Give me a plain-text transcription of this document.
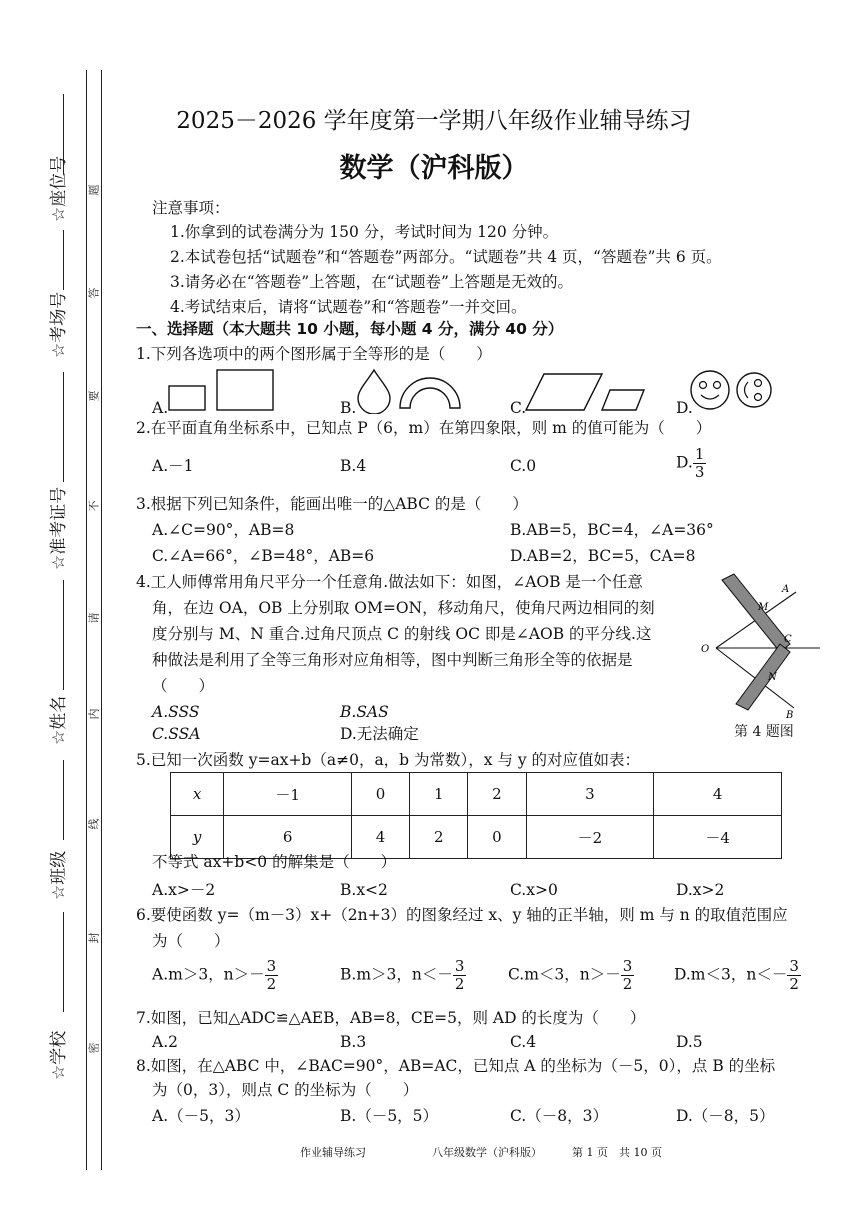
☆座位号
☆考场号
☆准考证号
☆姓名
☆班级
☆学校
题
答
要
不
请
内
线
封
密
2025－2026 学年度第一学期八年级作业辅导练习
数学（沪科版）
注意事项：
1.你拿到的试卷满分为 150 分，考试时间为 120 分钟。
2.本试卷包括“试题卷”和“答题卷”两部分。“试题卷”共 4 页，“答题卷”共 6 页。
3.请务必在“答题卷”上答题，在“试题卷”上答题是无效的。
4.考试结束后，请将“试题卷”和“答题卷”一并交回。
一、选择题（本大题共 10 小题，每小题 4 分，满分 40 分）
1.下列各选项中的两个图形属于全等形的是（　　）
A.	B.	C.	D.
2.在平面直角坐标系中，已知点 P（6，m）在第四象限，则 m 的值可能为（　　）
A.－1	B.4	C.0	D. $\frac{1}{3}$
3.根据下列已知条件，能画出唯一的△ABC 的是（　　）
A.∠C=90°，AB=8	B.AB=5，BC=4，∠A=36°
C.∠A=66°，∠B=48°，AB=6	D.AB=2，BC=5，CA=8
4.工人师傅常用角尺平分一个任意角.做法如下：如图，∠AOB 是一个任意
角，在边 OA，OB 上分别取 OM=ON，移动角尺，使角尺两边相同的刻
度分别与 M、N 重合.过角尺顶点 C 的射线 OC 即是∠AOB 的平分线.这
种做法是利用了全等三角形对应角相等，图中判断三角形全等的依据是
（　　）
A.SSS	B.SAS
C.SSA	D.无法确定
A
M
O
C
N
B
第 4 题图
5.已知一次函数 y=ax+b（a≠0，a，b 为常数），x 与 y 的对应值如表：
x	－1	0	1	2	3	4
y	6	4	2	0	－2	－4
不等式 ax+b<0 的解集是（　　）
A.x>－2	B.x<2	C.x>0	D.x>2
6.要使函数 y=（m－3）x+（2n+3）的图象经过 x、y 轴的正半轴，则 m 与 n 的取值范围应
为（　　）
A.m＞3，$n>- \frac{3}{2}$	B.m＞3，$n<- \frac{3}{2}$	C.m＜3，$n>- \frac{3}{2}$	D.m＜3，$n<- \frac{3}{2}$
7.如图，已知△ADC≌△AEB，AB=8，CE=5，则 AD 的长度为（　　）
A.2	B.3	C.4	D.5
8.如图，在△ABC 中，∠BAC=90°，AB=AC，已知点 A 的坐标为（－5，0），点 B 的坐标
为（0，3），则点 C 的坐标为（　　）
A.（－5，3）	B.（－5，5）	C.（－8，3）	D.（－8，5）
作业辅导练习	八年级数学（沪科版）	第 1 页　共 10 页
